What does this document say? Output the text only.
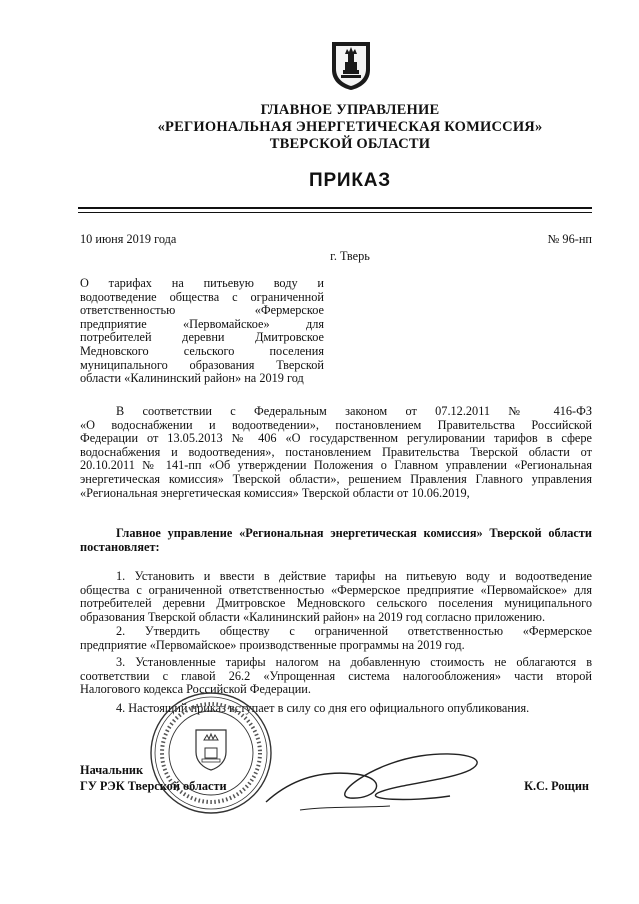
ГЛАВНОЕ УПРАВЛЕНИЕ
«РЕГИОНАЛЬНАЯ ЭНЕРГЕТИЧЕСКАЯ КОМИССИЯ»
ТВЕРСКОЙ ОБЛАСТИ
ПРИКАЗ
10 июня 2019 года	№ 96-нп
г. Тверь
О тарифах на питьевую воду и
водоотведение общества с ограниченной
ответственностью «Фермерское
предприятие «Первомайское» для
потребителей деревни Дмитровское
Медновского сельского поселения
муниципального образования Тверской
области «Калининский район» на 2019 год
В соответствии с Федеральным законом от 07.12.2011 № 416-ФЗ
«О водоснабжении и водоотведении», постановлением Правительства Российской
Федерации от 13.05.2013 № 406 «О государственном регулировании тарифов в сфере
водоснабжения и водоотведения», постановлением Правительства Тверской области от
20.10.2011 № 141-пп «Об утверждении Положения о Главном управлении «Региональная
энергетическая комиссия» Тверской области», решением Правления Главного управления
«Региональная энергетическая комиссия» Тверской области от 10.06.2019,
Главное управление «Региональная энергетическая комиссия» Тверской области
постановляет:
1. Установить и ввести в действие тарифы на питьевую воду и водоотведение
общества с ограниченной ответственностью «Фермерское предприятие «Первомайское» для
потребителей деревни Дмитровское Медновского сельского поселения муниципального
образования Тверской области «Калининский район» на 2019 год согласно приложению.
2. Утвердить обществу с ограниченной ответственностью «Фермерское
предприятие «Первомайское» производственные программы на 2019 год.
3. Установленные тарифы налогом на добавленную стоимость не облагаются в
соответствии с главой 26.2 «Упрощенная система налогообложения» части второй
Налогового кодекса Российской Федерации.
4. Настоящий приказ вступает в силу со дня его официального опубликования.
Начальник
ГУ РЭК Тверской области	К.С. Рощин
